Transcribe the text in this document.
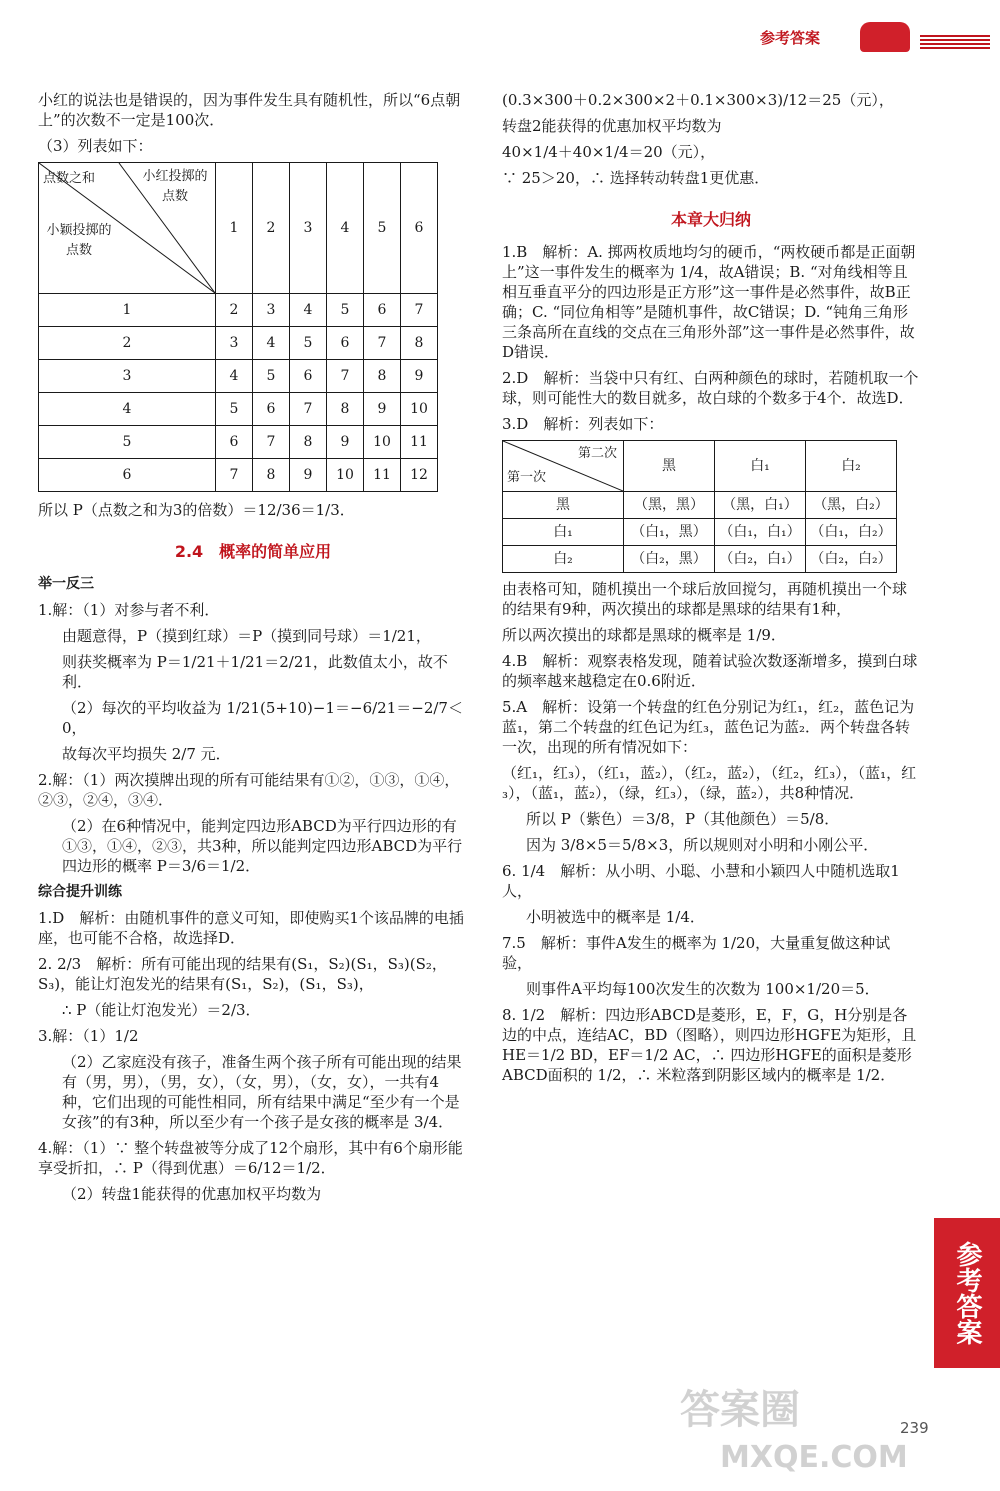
参考答案
参考答案

小红的说法也是错误的，因为事件发生具有随机性，所以“6点朝上”的次数不一定是100次．

（3）列表如下：

点数之和 小红投掷的点数
小颖投掷的点数	1	2	3	4	5	6
1	2	3	4	5	6	7
2	3	4	5	6	7	8
3	4	5	6	7	8	9
4	5	6	7	8	9	10
5	6	7	8	9	10	11
6	7	8	9	10	11	12

所以 P（点数之和为3的倍数）＝12/36＝1/3．

2.4　概率的简单应用

举一反三

1.解：（1）对参与者不利．

由题意得，P（摸到红球）＝P（摸到同号球）＝1/21，

则获奖概率为 P＝1/21＋1/21＝2/21，此数值太小，故不利．

（2）每次的平均收益为 1/21(5+10)−1＝−6/21＝−2/7＜0，

故每次平均损失 2/7 元．

2.解：（1）两次摸牌出现的所有可能结果有①②，①③，①④，②③，②④，③④．

（2）在6种情况中，能判定四边形ABCD为平行四边形的有①③，①④，②③，共3种，所以能判定四边形ABCD为平行四边形的概率 P＝3/6＝1/2．

综合提升训练

1.D　解析：由随机事件的意义可知，即使购买1个该品牌的电插座，也可能不合格，故选择D．

2. 2/3　解析：所有可能出现的结果有(S₁，S₂)(S₁，S₃)(S₂，S₃)，能让灯泡发光的结果有(S₁，S₂)，(S₁，S₃)，

∴ P（能让灯泡发光）＝2/3．

3.解：（1）1/2

（2）乙家庭没有孩子，准备生两个孩子所有可能出现的结果有（男，男），（男，女），（女，男），（女，女），一共有4种，它们出现的可能性相同，所有结果中满足“至少有一个是女孩”的有3种，所以至少有一个孩子是女孩的概率是 3/4．

4.解：（1）∵ 整个转盘被等分成了12个扇形，其中有6个扇形能享受折扣，∴ P（得到优惠）＝6/12＝1/2．

（2）转盘1能获得的优惠加权平均数为

(0.3×300＋0.2×300×2＋0.1×300×3)/12＝25（元），

转盘2能获得的优惠加权平均数为

40×1/4＋40×1/4＝20（元），

∵ 25＞20，∴ 选择转动转盘1更优惠．

本章大归纳

1.B　解析：A. 掷两枚质地均匀的硬币，“两枚硬币都是正面朝上”这一事件发生的概率为 1/4，故A错误；B. “对角线相等且相互垂直平分的四边形是正方形”这一事件是必然事件，故B正确；C. “同位角相等”是随机事件，故C错误；D. “钝角三角形三条高所在直线的交点在三角形外部”这一事件是必然事件，故D错误．

2.D　解析：当袋中只有红、白两种颜色的球时，若随机取一个球，则可能性大的数目就多，故白球的个数多于4个．故选D．

3.D　解析：列表如下：

第二次
第一次	黑	白₁	白₂
黑	（黑，黑）	（黑，白₁）	（黑，白₂）
白₁	（白₁，黑）	（白₁，白₁）	（白₁，白₂）
白₂	（白₂，黑）	（白₂，白₁）	（白₂，白₂）

由表格可知，随机摸出一个球后放回搅匀，再随机摸出一个球的结果有9种，两次摸出的球都是黑球的结果有1种，

所以两次摸出的球都是黑球的概率是 1/9．

4.B　解析：观察表格发现，随着试验次数逐渐增多，摸到白球的频率越来越稳定在0.6附近．

5.A　解析：设第一个转盘的红色分别记为红₁，红₂，蓝色记为蓝₁，第二个转盘的红色记为红₃，蓝色记为蓝₂．两个转盘各转一次，出现的所有情况如下：

（红₁，红₃），（红₁，蓝₂），（红₂，蓝₂），（红₂，红₃），（蓝₁，红₃），（蓝₁，蓝₂），（绿，红₃），（绿，蓝₂），共8种情况．

所以 P（紫色）＝3/8，P（其他颜色）＝5/8．

因为 3/8×5＝5/8×3，所以规则对小明和小刚公平．

6. 1/4　解析：从小明、小聪、小慧和小颖四人中随机选取1人，

小明被选中的概率是 1/4．

7.5　解析：事件A发生的概率为 1/20，大量重复做这种试验，

则事件A平均每100次发生的次数为 100×1/20＝5．

8. 1/2　解析：四边形ABCD是菱形，E，F，G，H分别是各边的中点，连结AC，BD（图略），则四边形HGFE为矩形，且 HE＝1/2 BD，EF＝1/2 AC，∴ 四边形HGFE的面积是菱形ABCD面积的 1/2，∴ 米粒落到阴影区域内的概率是 1/2．

答案圈
MXQE.COM
239
